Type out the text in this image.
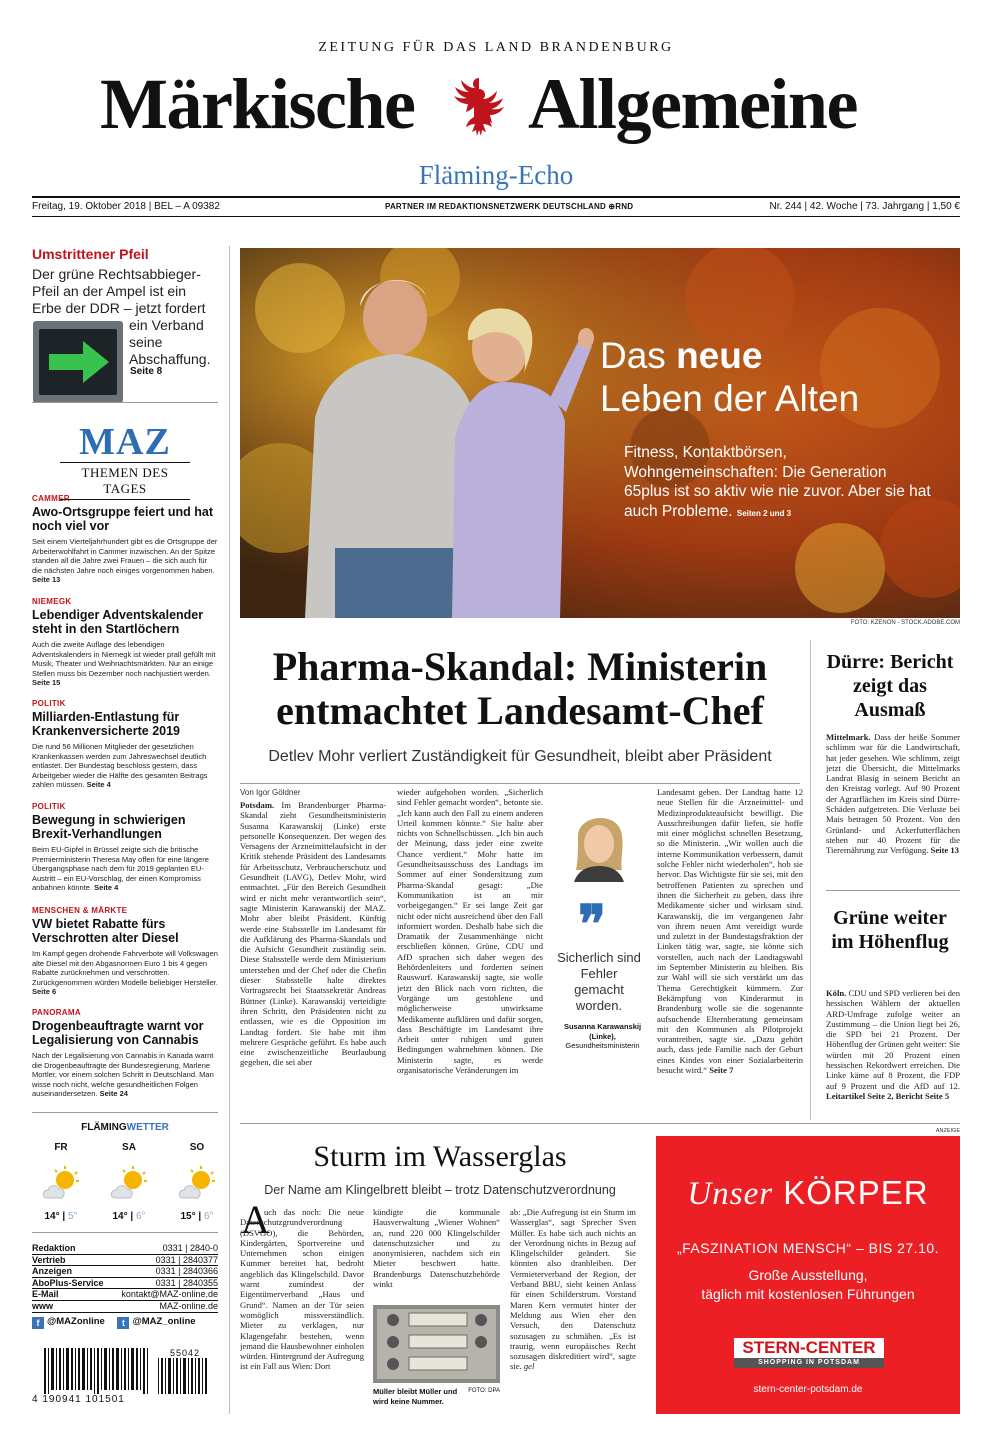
ZEITUNG FÜR DAS LAND BRANDENBURG
Märkische Allgemeine
Fläming-Echo
Freitag, 19. Oktober 2018 | BEL – A 09382	PARTNER IM REDAKTIONSNETZWERK DEUTSCHLAND ⊕RND	Nr. 244 | 42. Woche | 73. Jahrgang | 1,50 €
Umstrittener Pfeil
Der grüne Rechtsabbieger-
Pfeil an der Ampel ist ein
Erbe der DDR – jetzt fordert
ein Verband
seine
Abschaffung.
Seite 8
MAZ
THEMEN DES TAGES
CAMMER
Awo-Ortsgruppe feiert und hat noch viel vor
Seit einem Vierteljahrhundert gibt es die Ortsgruppe der Arbeiterwohlfahrt in Cammer inzwischen. An der Spitze standen all die Jahre zwei Frauen – die sich auch für die nächsten Jahre noch einiges vorgenommen haben. Seite 13
NIEMEGK
Lebendiger Adventskalender steht in den Startlöchern
Auch die zweite Auflage des lebendigen Adventskalenders in Niemegk ist wieder prall gefüllt mit Musik, Theater und Weihnachtsmärkten. Nur an einige Stellen muss bis Dezember noch nachjustiert werden. Seite 15
POLITIK
Milliarden-Entlastung für Krankenversicherte 2019
Die rund 56 Millionen Mitglieder der gesetzlichen Krankenkassen werden zum Jahreswechsel deutlich entlastet. Der Bundestag beschloss gestern, dass Arbeitgeber wieder die Hälfte des gesamten Beitrags zahlen müssen. Seite 4
POLITIK
Bewegung in schwierigen Brexit-Verhandlungen
Beim EU-Gipfel in Brüssel zeigte sich die britische Premierministerin Theresa May offen für eine längere Übergangsphase nach dem für 2019 geplanten EU-Austritt – ein EU-Vorschlag, der einen Kompromiss anbahnen könnte. Seite 4
MENSCHEN & MÄRKTE
VW bietet Rabatte fürs Verschrotten alter Diesel
Im Kampf gegen drohende Fahrverbote will Volkswagen alte Diesel mit den Abgasnormen Euro 1 bis 4 gegen Rabatte zurücknehmen und verschrotten. Zurückgenommen würden Modelle beliebiger Hersteller. Seite 6
PANORAMA
Drogenbeauftragte warnt vor Legalisierung von Cannabis
Nach der Legalisierung von Cannabis in Kanada warnt die Drogenbeauftragte der Bundesregierung, Marlene Mortler, vor einem solchen Schritt in Deutschland. Man wisse noch nicht, welche gesundheitlichen Folgen auseinandersetzen. Seite 24
FLÄMINGWETTER
FR	SA	SO
14° | 5°	14° | 6°	15° | 6°
Redaktion	0331 | 2840-0
Vertrieb	0331 | 2840377
Anzeigen	0331 | 2840366
AboPlus-Service	0331 | 2840355
E-Mail	kontakt@MAZ-online.de
www	MAZ-online.de
f @MAZonline t @MAZ_online
55042
4 190941 101501
Das neue
Leben der Alten
Fitness, Kontaktbörsen, Wohngemeinschaften: Die Generation 65plus ist so aktiv wie nie zuvor. Aber sie hat auch Probleme. Seiten 2 und 3
FOTO: KZENON - STOCK.ADOBE.COM
Pharma-Skandal: Ministerin
entmachtet Landesamt-Chef
Detlev Mohr verliert Zuständigkeit für Gesundheit, bleibt aber Präsident
Von Igor Göldner
Potsdam. Im Brandenburger Pharma-Skandal zieht Gesundheitsministerin Susanna Karawanskij (Linke) erste personelle Konsequenzen. Der wegen des Versagens der Arzneimittelaufsicht in der Kritik stehende Präsident des Landesamts für Arbeitsschutz, Verbraucherschutz und Gesundheit (LAVG), Detlev Mohr, wird entmachtet. „Für den Bereich Gesundheit wird er nicht mehr verantwortlich sein“, sagte Ministerin Karawanskij der MAZ. Mohr aber bleibt Präsident. Künftig werde eine Stabsstelle im Landesamt für die Aufklärung des Pharma-Skandals und die Aufsicht Gesundheit zuständig sein. Diese Stabsstelle werde dem Ministerium unterstehen und der Chef oder die Chefin dieser Stabsstelle halte direktes Vortragsrecht bei Staatssekretär Andreas Büttner (Linke). Karawanskij verteidigte ihren Schritt, den Präsidenten nicht zu entlassen, wie es die Opposition im Landtag fordert. Sie habe mit ihm mehrere Gespräche geführt. Es habe auch eine zwischenzeitliche Beurlaubung gegeben, die sei aber
wieder aufgehoben worden. „Sicherlich sind Fehler gemacht worden“, betonte sie. „Ich kann auch den Fall zu einem anderen Urteil kommen könnte.“ Sie halte aber nichts von Schnellschüssen. „Ich bin auch der Meinung, dass jeder eine zweite Chance verdient.“ Mohr hatte im Gesundheitsausschuss des Landtags im Sommer auf einer Sondersitzung zum Pharma-Skandal gesagt: „Die Kommunikation ist an mir vorbeigegangen.“ Er sei lange Zeit gar nicht oder nicht ausreichend über den Fall informiert worden. Deshalb habe sich die Dramatik der Zusammenhänge nicht erschließen können. Grüne, CDU und AfD sprachen sich daher wegen des Behördenleiters und forderten seinen Rauswurf. Karawanskij sagte, sie wolle jetzt den Blick nach vorn richten, die Vorgänge um gestohlene und möglicherweise unwirksame Medikamente aufklären und dafür sorgen, dass Beschäftigte im Landesamt ihre Arbeit unter ruhigen und guten Bedingungen wahrnehmen können. Die Ministerin sagte, es werde organisatorische Veränderungen im
❞
Sicherlich sind Fehler gemacht worden.
Susanna Karawanskij (Linke),
Gesundheitsministerin
Landesamt geben. Der Landtag hatte 12 neue Stellen für die Arzneimittel- und Medizinprodukteaufsicht bewilligt. Die Ausschreibungen dafür liefen, sie hoffe mit einer möglichst schnellen Besetzung, so die Ministerin. „Wir wollen auch die interne Kommunikation verbessern, damit solche Fehler nicht wiederholen“, hob sie hervor. Das Wichtigste für sie sei, mit den betroffenen Patienten zu sprechen und ihnen die Sicherheit zu geben, dass ihre Medikamente sicher und wirksam sind. Karawanskij, die im vergangenen Jahr von ihrem neuen Amt vereidigt wurde und zuletzt in der Bundestagsfraktion der Linken tätig war, sagte, sie könne sich vorstellen, auch nach der Landtagswahl im September Ministerin zu bleiben. Bis zur Wahl will sie sich verstärkt um das Thema Gerechtigkeit kümmern. Zur Bekämpfung von Kinderarmut in Brandenburg wolle sie die sogenannte aufsuchende Elternberatung gemeinsam mit den Kommunen als Pilotprojekt vorantreiben, sagte sie. „Dazu gehört auch, dass jede Familie nach der Geburt eines Kindes von einer Sozialarbeiterin besucht wird.“ Seite 7
Dürre: Bericht zeigt das Ausmaß
Mittelmark. Dass der heiße Sommer schlimm war für die Landwirtschaft, hat jeder gesehen. Wie schlimm, zeigt jetzt die Übersicht, die Mittelmarks Landrat Blasig in seinem Bericht an den Kreistag vorlegt. Auf 90 Prozent der Agrarflächen im Kreis sind Dürre-Schäden aufgetreten. Die Verluste bei Mais betragen 50 Prozent. Von den Grünland- und Ackerfutterflächen stehen nur 40 Prozent für die Tierernährung zur Verfügung. Seite 13
Grüne weiter im Höhenflug
Köln. CDU und SPD verlieren bei den hessischen Wählern der aktuellen ARD-Umfrage zufolge weiter an Zustimmung – die Union liegt bei 26, die SPD bei 21 Prozent. Der Höhenflug der Grünen geht weiter: Sie würden mit 20 Prozent einen hessischen Rekordwert erreichen. Die Linke käme auf 8 Prozent, die FDP auf 9 Prozent und die AfD auf 12. Leitartikel Seite 2, Bericht Seite 5
ANZEIGE
Sturm im Wasserglas
Der Name am Klingelbrett bleibt – trotz Datenschutzverordnung
A
uch das noch: Die neue Datenschutzgrundverordnung (DSVGO), die Behörden, Kindergärten, Sportvereine und Unternehmen schon einigen Kummer bereitet hat, bedroht angeblich das Klingelschild. Davor warnt zumindest der Eigentümerverband „Haus und Grund“. Namen an der Tür seien womöglich missverständlich. Mieter zu verklagen, nur Klagengefahr bestehen, wenn jemand die Hausbewohner einholen würden. Hintergrund der Aufregung ist ein Fall aus Wien: Dort
kündigte die kommunale Hausverwaltung „Wiener Wohnen“ an, rund 220 000 Klingelschilder datenschutzsicher und zu anonymisieren, nachdem sich ein Mieter beschwert hatte. Brandenburgs Datenschutzbehörde winkt
FOTO: DPA
Müller bleibt Müller und wird keine Nummer.
ab: „Die Aufregung ist ein Sturm im Wasserglas“, sagt Sprecher Sven Müller. Es habe sich auch nichts an der Verordnung nichts in Bezug auf Klingelschilder geändert. Sie könnten also dranbleiben. Der Vermieterverband der Region, der Verband BBU, sieht keinen Anlass für einen Schilderstrum. Vorstand Maren Kern vermutet hinter der Meldung aus Wien eher den Versuch, den Datenschutz sozusagen zu schmähen. „Es ist traurig, wenn europäisches Recht sozusagen diskreditiert wird“, sagte sie. gel
Unser KÖRPER
„FASZINATION MENSCH“ – BIS 27.10.
Große Ausstellung,
täglich mit kostenlosen Führungen
STERN-CENTER
SHOPPING IN POTSDAM
stern-center-potsdam.de
